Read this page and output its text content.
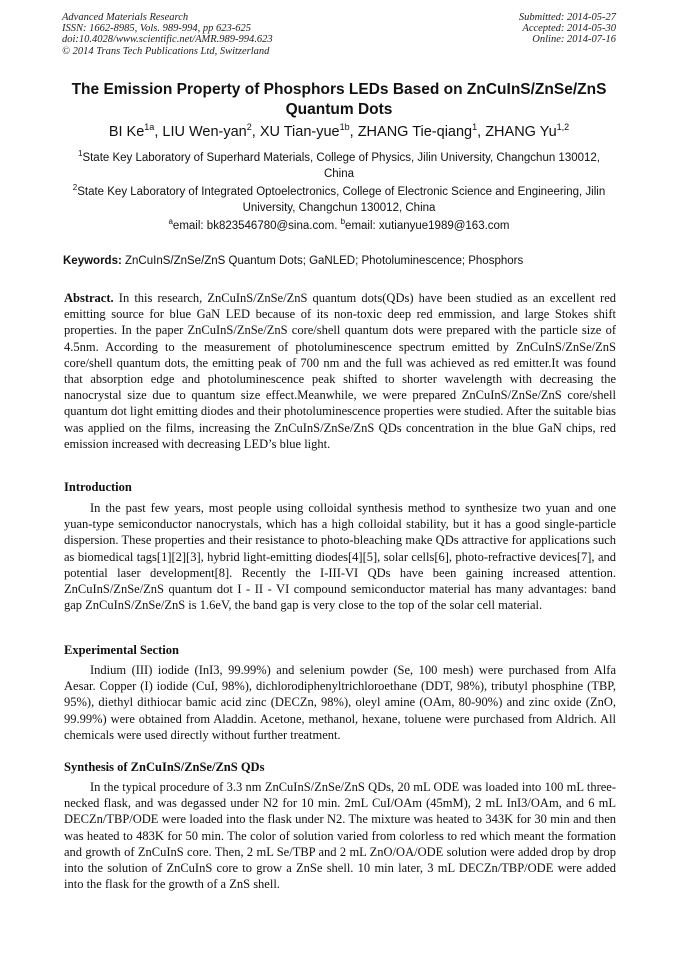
Advanced Materials Research
ISSN: 1662-8985, Vols. 989-994, pp 623-625
doi:10.4028/www.scientific.net/AMR.989-994.623
© 2014 Trans Tech Publications Ltd, Switzerland
Submitted: 2014-05-27
Accepted: 2014-05-30
Online: 2014-07-16
The Emission Property of Phosphors LEDs Based on ZnCuInS/ZnSe/ZnS Quantum Dots
BI $Ke^{1a}$, LIU Wen-yan$^2$, XU Tian-yue$^{1b}$, ZHANG Tie-qiang$^1$, ZHANG Yu$^{1,2}$
$^1$State Key Laboratory of Superhard Materials, College of Physics, Jilin University, Changchun 130012, China
$^2$State Key Laboratory of Integrated Optoelectronics, College of Electronic Science and Engineering, Jilin University, Changchun 130012, China
$^a$email: bk823546780@sina.com. $^b$email: xutianyue1989@163.com
Keywords: ZnCuInS/ZnSe/ZnS Quantum Dots; GaNLED; Photoluminescence; Phosphors

Abstract. In this research, ZnCuInS/ZnSe/ZnS quantum dots(QDs) have been studied as an excellent red emitting source for blue GaN LED because of its non-toxic deep red emmission, and large Stokes shift properties. In the paper ZnCuInS/ZnSe/ZnS core/shell quantum dots were prepared with the particle size of 4.5nm. According to the measurement of photoluminescence spectrum emitted by ZnCuInS/ZnSe/ZnS core/shell quantum dots, the emitting peak of 700 nm and the full was achieved as red emitter.It was found that absorption edge and photoluminescence peak shifted to shorter wavelength with decreasing the nanocrystal size due to quantum size effect.Meanwhile, we were prepared ZnCuInS/ZnSe/ZnS core/shell quantum dot light emitting diodes and their photoluminescence properties were studied. After the suitable bias was applied on the films, increasing the ZnCuInS/ZnSe/ZnS QDs concentration in the blue GaN chips, red emission increased with decreasing LED’s blue light.

Introduction

In the past few years, most people using colloidal synthesis method to synthesize two yuan and one yuan-type semiconductor nanocrystals, which has a high colloidal stability, but it has a good single-particle dispersion. These properties and their resistance to photo-bleaching make QDs attractive for applications such as biomedical tags[1][2][3], hybrid light-emitting diodes[4][5], solar cells[6], photo-refractive devices[7], and potential laser development[8]. Recently the I-III-VI QDs have been gaining increased attention. ZnCuInS/ZnSe/ZnS quantum dot I - II - VI compound semiconductor material has many advantages: band gap ZnCuInS/ZnSe/ZnS is 1.6eV, the band gap is very close to the top of the solar cell material.

Experimental Section

Indium (III) iodide (InI3, 99.99%) and selenium powder (Se, 100 mesh) were purchased from Alfa Aesar. Copper (I) iodide (CuI, 98%), dichlorodiphenyltrichloroethane (DDT, 98%), tributyl phosphine (TBP, 95%), diethyl dithiocar bamic acid zinc (DECZn, 98%), oleyl amine (OAm, 80-90%) and zinc oxide (ZnO, 99.99%) were obtained from Aladdin. Acetone, methanol, hexane, toluene were purchased from Aldrich. All chemicals were used directly without further treatment.

Synthesis of ZnCuInS/ZnSe/ZnS QDs

In the typical procedure of 3.3 nm ZnCuInS/ZnSe/ZnS QDs, 20 mL ODE was loaded into 100 mL three-necked flask, and was degassed under N2 for 10 min. 2mL CuI/OAm (45mM), 2 mL InI3/OAm, and 6 mL DECZn/TBP/ODE were loaded into the flask under N2. The mixture was heated to 343K for 30 min and then was heated to 483K for 50 min. The color of solution varied from colorless to red which meant the formation and growth of ZnCuInS core. Then, 2 mL Se/TBP and 2 mL ZnO/OA/ODE solution were added drop by drop into the solution of ZnCuInS core to grow a ZnSe shell. 10 min later, 3 mL DECZn/TBP/ODE were added into the flask for the growth of a ZnS shell.
